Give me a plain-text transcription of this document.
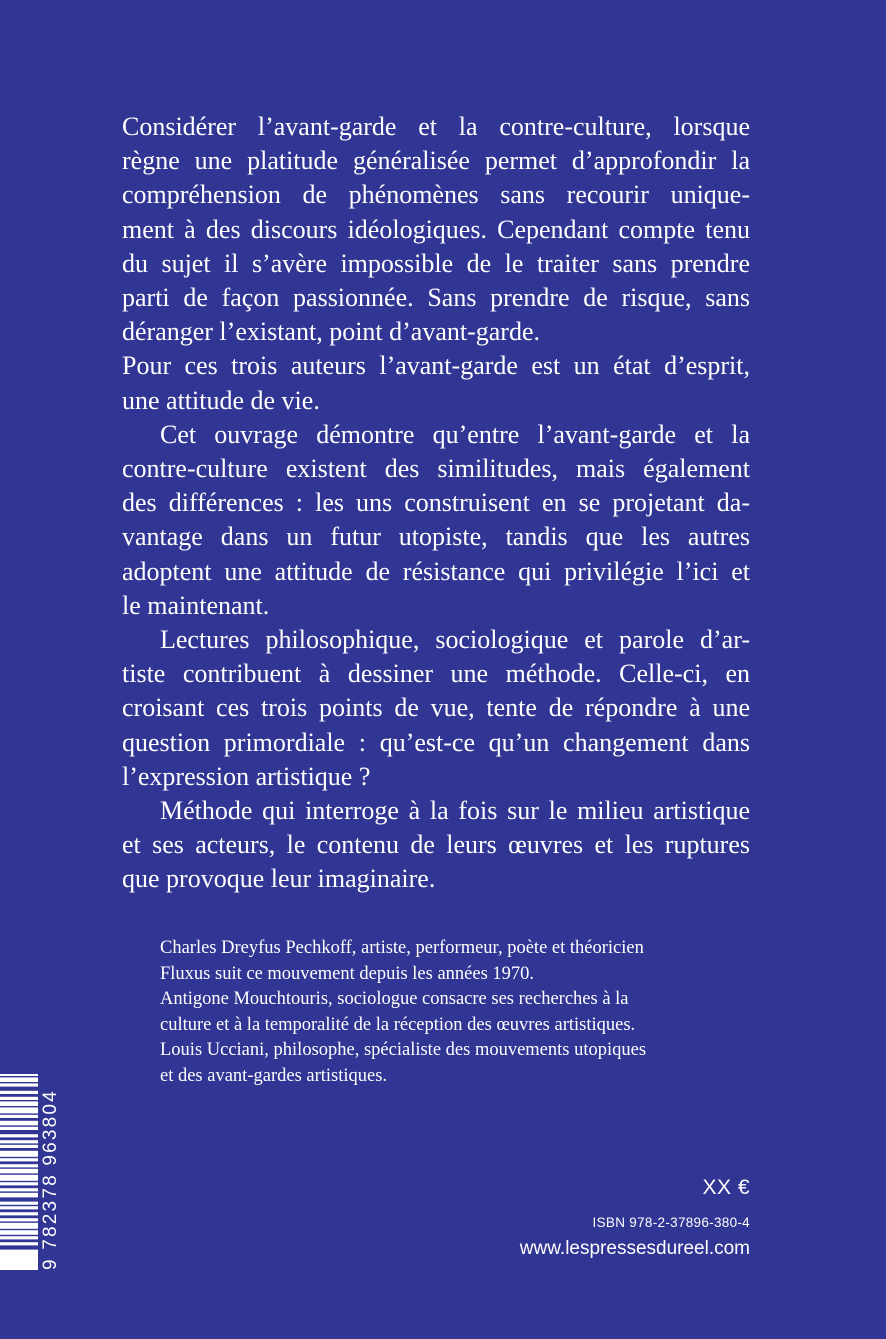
Considérer l’avant-garde et la contre-culture, lorsque
règne une platitude généralisée permet d’approfondir la
compréhension de phénomènes sans recourir unique-
ment à des discours idéologiques. Cependant compte tenu
du sujet il s’avère impossible de le traiter sans prendre
parti de façon passionnée. Sans prendre de risque, sans
déranger l’existant, point d’avant-garde.

Pour ces trois auteurs l’avant-garde est un état d’esprit,
une attitude de vie.

Cet ouvrage démontre qu’entre l’avant-garde et la
contre-culture existent des similitudes, mais également
des différences : les uns construisent en se projetant da-
vantage dans un futur utopiste, tandis que les autres
adoptent une attitude de résistance qui privilégie l’ici et
le maintenant.

Lectures philosophique, sociologique et parole d’ar-
tiste contribuent à dessiner une méthode. Celle-ci, en
croisant ces trois points de vue, tente de répondre à une
question primordiale : qu’est-ce qu’un changement dans
l’expression artistique ?

Méthode qui interroge à la fois sur le milieu artistique
et ses acteurs, le contenu de leurs œuvres et les ruptures
que provoque leur imaginaire.

Charles Dreyfus Pechkoff, artiste, performeur, poète et théoricien
Fluxus suit ce mouvement depuis les années 1970.
Antigone Mouchtouris, sociologue consacre ses recherches à la
culture et à la temporalité de la réception des œuvres artistiques.
Louis Ucciani, philosophe, spécialiste des mouvements utopiques
et des avant-gardes artistiques.
9 782378 963804	XX €
ISBN 978-2-37896-380-4
www.lespressesdureel.com
